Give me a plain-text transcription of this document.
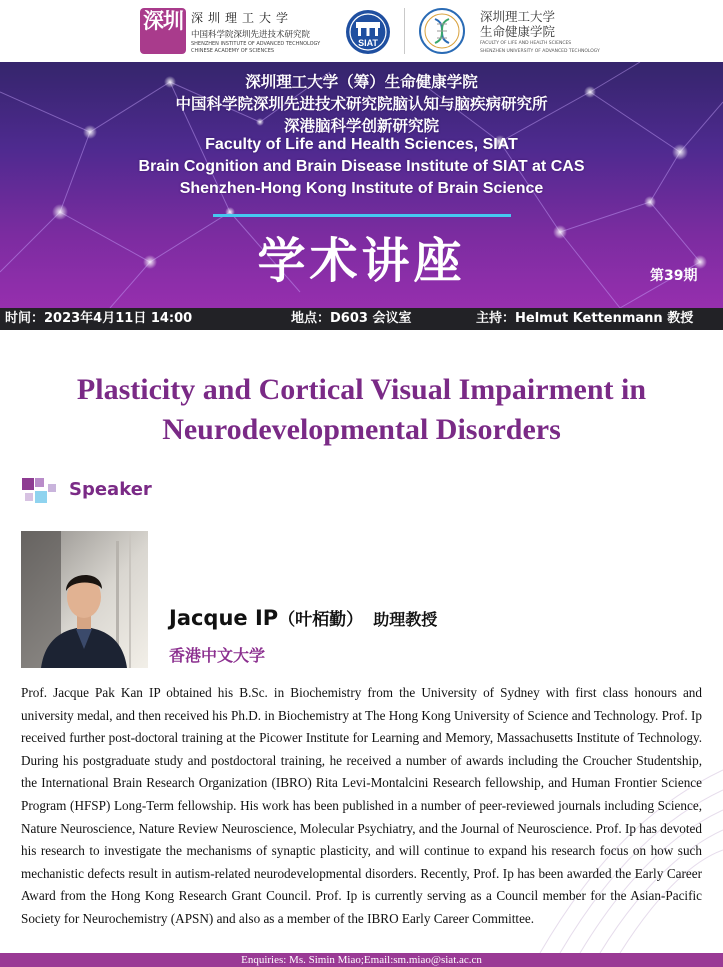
深圳 深圳理工大学
中国科学院深圳先进技术研究院
SHENZHEN INSTITUTE OF ADVANCED TECHNOLOGY
CHINESE ACADEMY OF SCIENCES
SIAT
深圳理工大学
生命健康学院
FACULTY OF LIFE AND HEALTH SCIENCES
SHENZHEN UNIVERSITY OF ADVANCED TECHNOLOGY
深圳理工大学（筹）生命健康学院
中国科学院深圳先进技术研究院脑认知与脑疾病研究所
深港脑科学创新研究院
Faculty of Life and Health Sciences, SIAT
Brain Cognition and Brain Disease Institute of SIAT at CAS
Shenzhen-Hong Kong Institute of Brain Science
学术讲座	第39期
时间：2023年4月11日 14:00	地点：D603 会议室	主持：Helmut Kettenmann 教授
Plasticity and Cortical Visual Impairment in
Neurodevelopmental Disorders
Speaker
Jacque IP（叶栢勤） 助理教授
香港中文大学

Prof. Jacque Pak Kan IP obtained his B.Sc. in Biochemistry from the University of Sydney with first class honours and university medal, and then received his Ph.D. in Biochemistry at The Hong Kong University of Science and Technology. Prof. Ip received further post-doctoral training at the Picower Institute for Learning and Memory, Massachusetts Institute of Technology. During his postgraduate study and postdoctoral training, he received a number of awards including the Croucher Studentship, the International Brain Research Organization (IBRO) Rita Levi-Montalcini Research fellowship, and Human Frontier Science Program (HFSP) Long-Term fellowship. His work has been published in a number of peer-reviewed journals including Science, Nature Neuroscience, Nature Review Neuroscience, Molecular Psychiatry, and the Journal of Neuroscience. Prof. Ip has devoted his research to investigate the mechanisms of synaptic plasticity, and will continue to expand his research focus on how such mechanistic defects result in autism-related neurodevelopmental disorders. Recently, Prof. Ip has been awarded the Early Career Award from the Hong Kong Research Grant Council. Prof. Ip is currently serving as a Council member for the Asian-Pacific Society for Neurochemistry (APSN) and also as a member of the IBRO Early Career Committee.

Enquiries: Ms. Simin Miao;Email:sm.miao@siat.ac.cn
